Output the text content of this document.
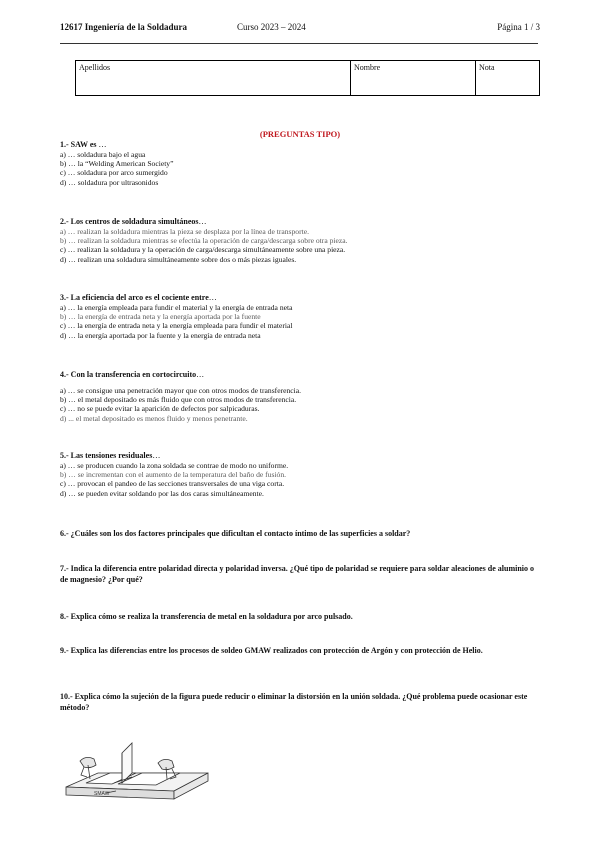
12617 Ingeniería de la Soldadura	Curso 2023 – 2024	Página 1 / 3
Apellidos	Nombre	Nota
(PREGUNTAS TIPO)
1.- SAW es …
a) … soldadura bajo el agua
b) … la “Welding American Society”
c) … soldadura por arco sumergido
d) … soldadura por ultrasonidos
2.- Los centros de soldadura simultáneos…
a) … realizan la soldadura mientras la pieza se desplaza por la línea de transporte.
b) … realizan la soldadura mientras se efectúa la operación de carga/descarga sobre otra pieza.
c) … realizan la soldadura y la operación de carga/descarga simultáneamente sobre una pieza.
d) … realizan una soldadura simultáneamente sobre dos o más piezas iguales.
3.- La eficiencia del arco es el cociente entre…
a) … la energía empleada para fundir el material y la energía de entrada neta
b) … la energía de entrada neta y la energía aportada por la fuente
c) … la energía de entrada neta y la energía empleada para fundir el material
d) … la energía aportada por la fuente y la energía de entrada neta
4.- Con la transferencia en cortocircuito…
a) … se consigue una penetración mayor que con otros modos de transferencia.
b) … el metal depositado es más fluido que con otros modos de transferencia.
c) … no se puede evitar la aparición de defectos por salpicaduras.
d) ... el metal depositado es menos fluido y menos penetrante.
5.- Las tensiones residuales…
a) … se producen cuando la zona soldada se contrae de modo no uniforme.
b) … se incrementan con el aumento de la temperatura del baño de fusión.
c) … provocan el pandeo de las secciones transversales de una viga corta.
d) … se pueden evitar soldando por las dos caras simultáneamente.
6.- ¿Cuáles son los dos factores principales que dificultan el contacto íntimo de las superficies a soldar?
7.- Indica la diferencia entre polaridad directa y polaridad inversa. ¿Qué tipo de polaridad se requiere para soldar aleaciones de aluminio o de magnesio? ¿Por qué?
8.- Explica cómo se realiza la transferencia de metal en la soldadura por arco pulsado.
9.- Explica las diferencias entre los procesos de soldeo GMAW realizados con protección de Argón y con protección de Helio.
10.- Explica cómo la sujeción de la figura puede reducir o eliminar la distorsión en la unión soldada. ¿Qué problema puede ocasionar este método?
SMAW
